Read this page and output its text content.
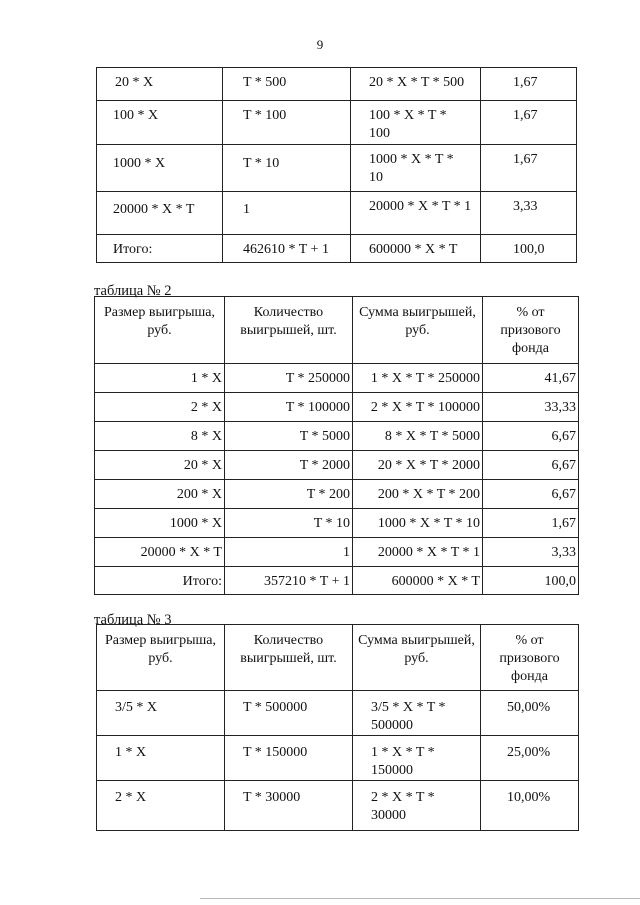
9
20 * X	T * 500	20 * X * T * 500	1,67
100 * X	T * 100	100 * X * T * 100	1,67
1000 * X	T * 10	1000 * X * T * 10	1,67
20000 * X * T	1	20000 * X * T * 1	3,33
Итого:	462610 * T + 1	600000 * X * T	100,0
таблица № 2
Размер выигрыша, руб.	Количество выигрышей, шт.	Сумма выигрышей, руб.	% от призового фонда
1 * X	T * 250000	1 * X * T * 250000	41,67
2 * X	T * 100000	2 * X * T * 100000	33,33
8 * X	T * 5000	8 * X * T * 5000	6,67
20 * X	T * 2000	20 * X * T * 2000	6,67
200 * X	T * 200	200 * X * T * 200	6,67
1000 * X	T * 10	1000 * X * T * 10	1,67
20000 * X * T	1	20000 * X * T * 1	3,33
Итого:	357210 * T + 1	600000 * X * T	100,0
таблица № 3
Размер выигрыша, руб.	Количество выигрышей, шт.	Сумма выигрышей, руб.	% от призового фонда
3/5 * X	T * 500000	3/5 * X * T * 500000	50,00%
1 * X	T * 150000	1 * X * T * 150000	25,00%
2 * X	T * 30000	2 * X * T * 30000	10,00%
